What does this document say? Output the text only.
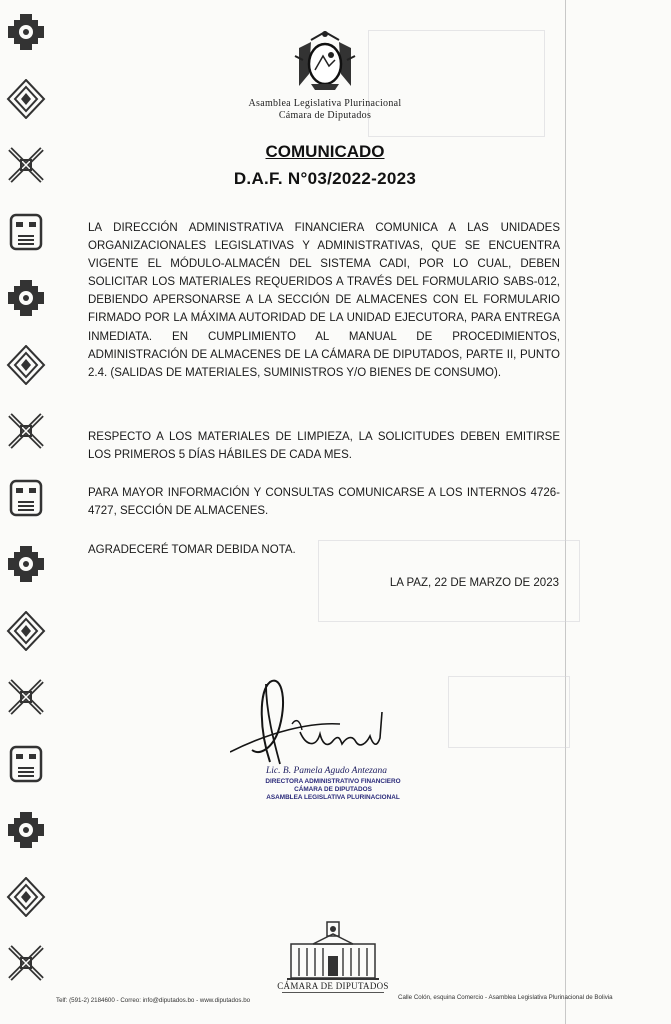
Asamblea Legislativa Plurinacional
Cámara de Diputados
COMUNICADO
D.A.F. N°03/2022-2023
LA DIRECCIÓN ADMINISTRATIVA FINANCIERA COMUNICA A LAS UNIDADES ORGANIZACIONALES LEGISLATIVAS Y ADMINISTRATIVAS, QUE SE ENCUENTRA VIGENTE EL MÓDULO-ALMACÉN DEL SISTEMA CADI, POR LO CUAL, DEBEN SOLICITAR LOS MATERIALES REQUERIDOS A TRAVÉS DEL FORMULARIO SABS-012, DEBIENDO APERSONARSE A LA SECCIÓN DE ALMACENES CON EL FORMULARIO FIRMADO POR LA MÁXIMA AUTORIDAD DE LA UNIDAD EJECUTORA, PARA ENTREGA INMEDIATA. EN CUMPLIMIENTO AL MANUAL DE PROCEDIMIENTOS, ADMINISTRACIÓN DE ALMACENES DE LA CÁMARA DE DIPUTADOS, PARTE II, PUNTO 2.4. (SALIDAS DE MATERIALES, SUMINISTROS Y/O BIENES DE CONSUMO).
RESPECTO A LOS MATERIALES DE LIMPIEZA, LA SOLICITUDES DEBEN EMITIRSE LOS PRIMEROS 5 DÍAS HÁBILES DE CADA MES.
PARA MAYOR INFORMACIÓN Y CONSULTAS COMUNICARSE A LOS INTERNOS 4726-4727, SECCIÓN DE ALMACENES.
AGRADECERÉ TOMAR DEBIDA NOTA.
LA PAZ, 22 DE MARZO DE 2023
Lic. B. Pamela Agudo Antezana
DIRECTORA ADMINISTRATIVO FINANCIERO
CÁMARA DE DIPUTADOS
ASAMBLEA LEGISLATIVA PLURINACIONAL
CÁMARA DE DIPUTADOS
Telf: (591-2) 2184600 - Correo: info@diputados.bo - www.diputados.bo	Calle Colón, esquina Comercio - Asamblea Legislativa Plurinacional de Bolivia
